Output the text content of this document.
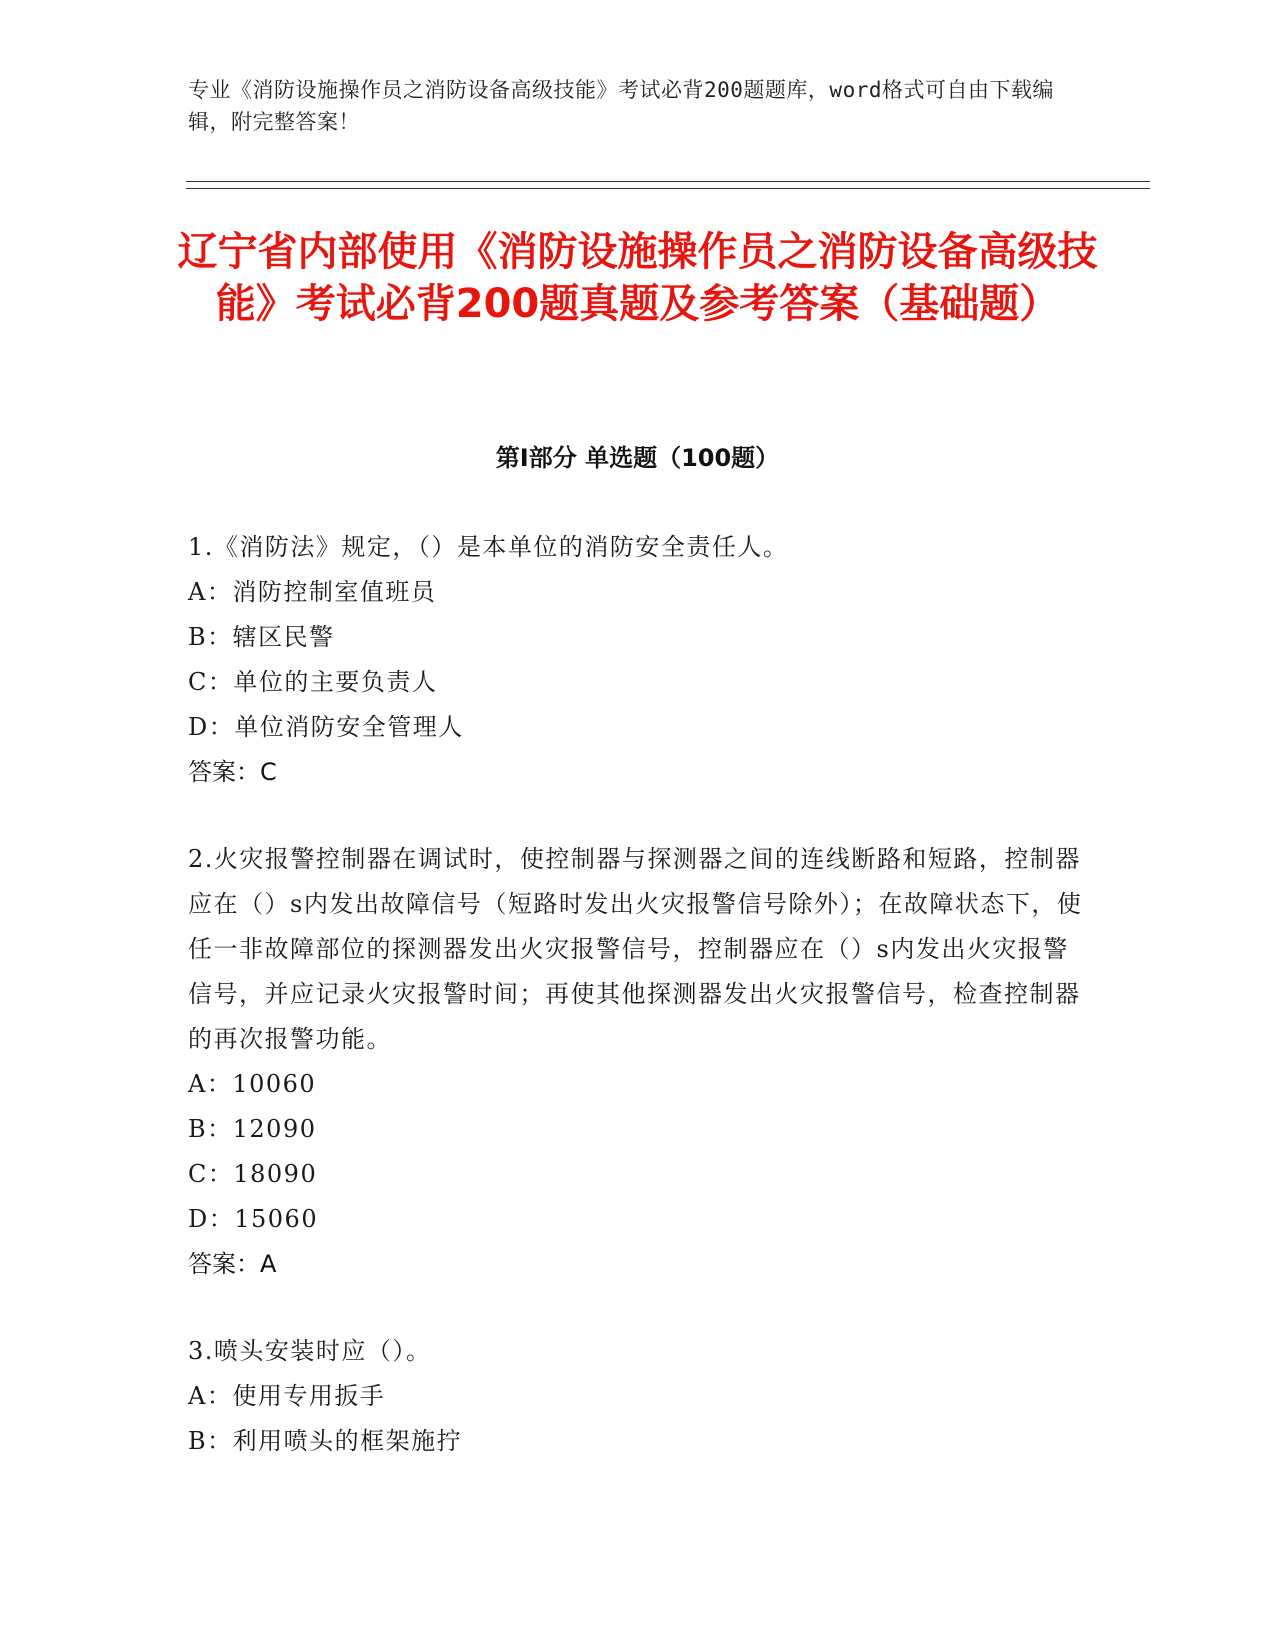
专业《消防设施操作员之消防设备高级技能》考试必背200题题库，word格式可自由下载编辑，附完整答案！
辽宁省内部使用《消防设施操作员之消防设备高级技能》考试必背200题真题及参考答案（基础题）
第Ⅰ部分 单选题（100题）
1.《消防法》规定，（）是本单位的消防安全责任人。
A：消防控制室值班员
B：辖区民警
C：单位的主要负责人
D：单位消防安全管理人
答案：C
2.火灾报警控制器在调试时，使控制器与探测器之间的连线断路和短路，控制器应在（）s内发出故障信号（短路时发出火灾报警信号除外）；在故障状态下，使任一非故障部位的探测器发出火灾报警信号，控制器应在（）s内发出火灾报警信号，并应记录火灾报警时间；再使其他探测器发出火灾报警信号，检查控制器的再次报警功能。
A：10060
B：12090
C：18090
D：15060
答案：A
3.喷头安装时应（）。
A：使用专用扳手
B：利用喷头的框架施拧
